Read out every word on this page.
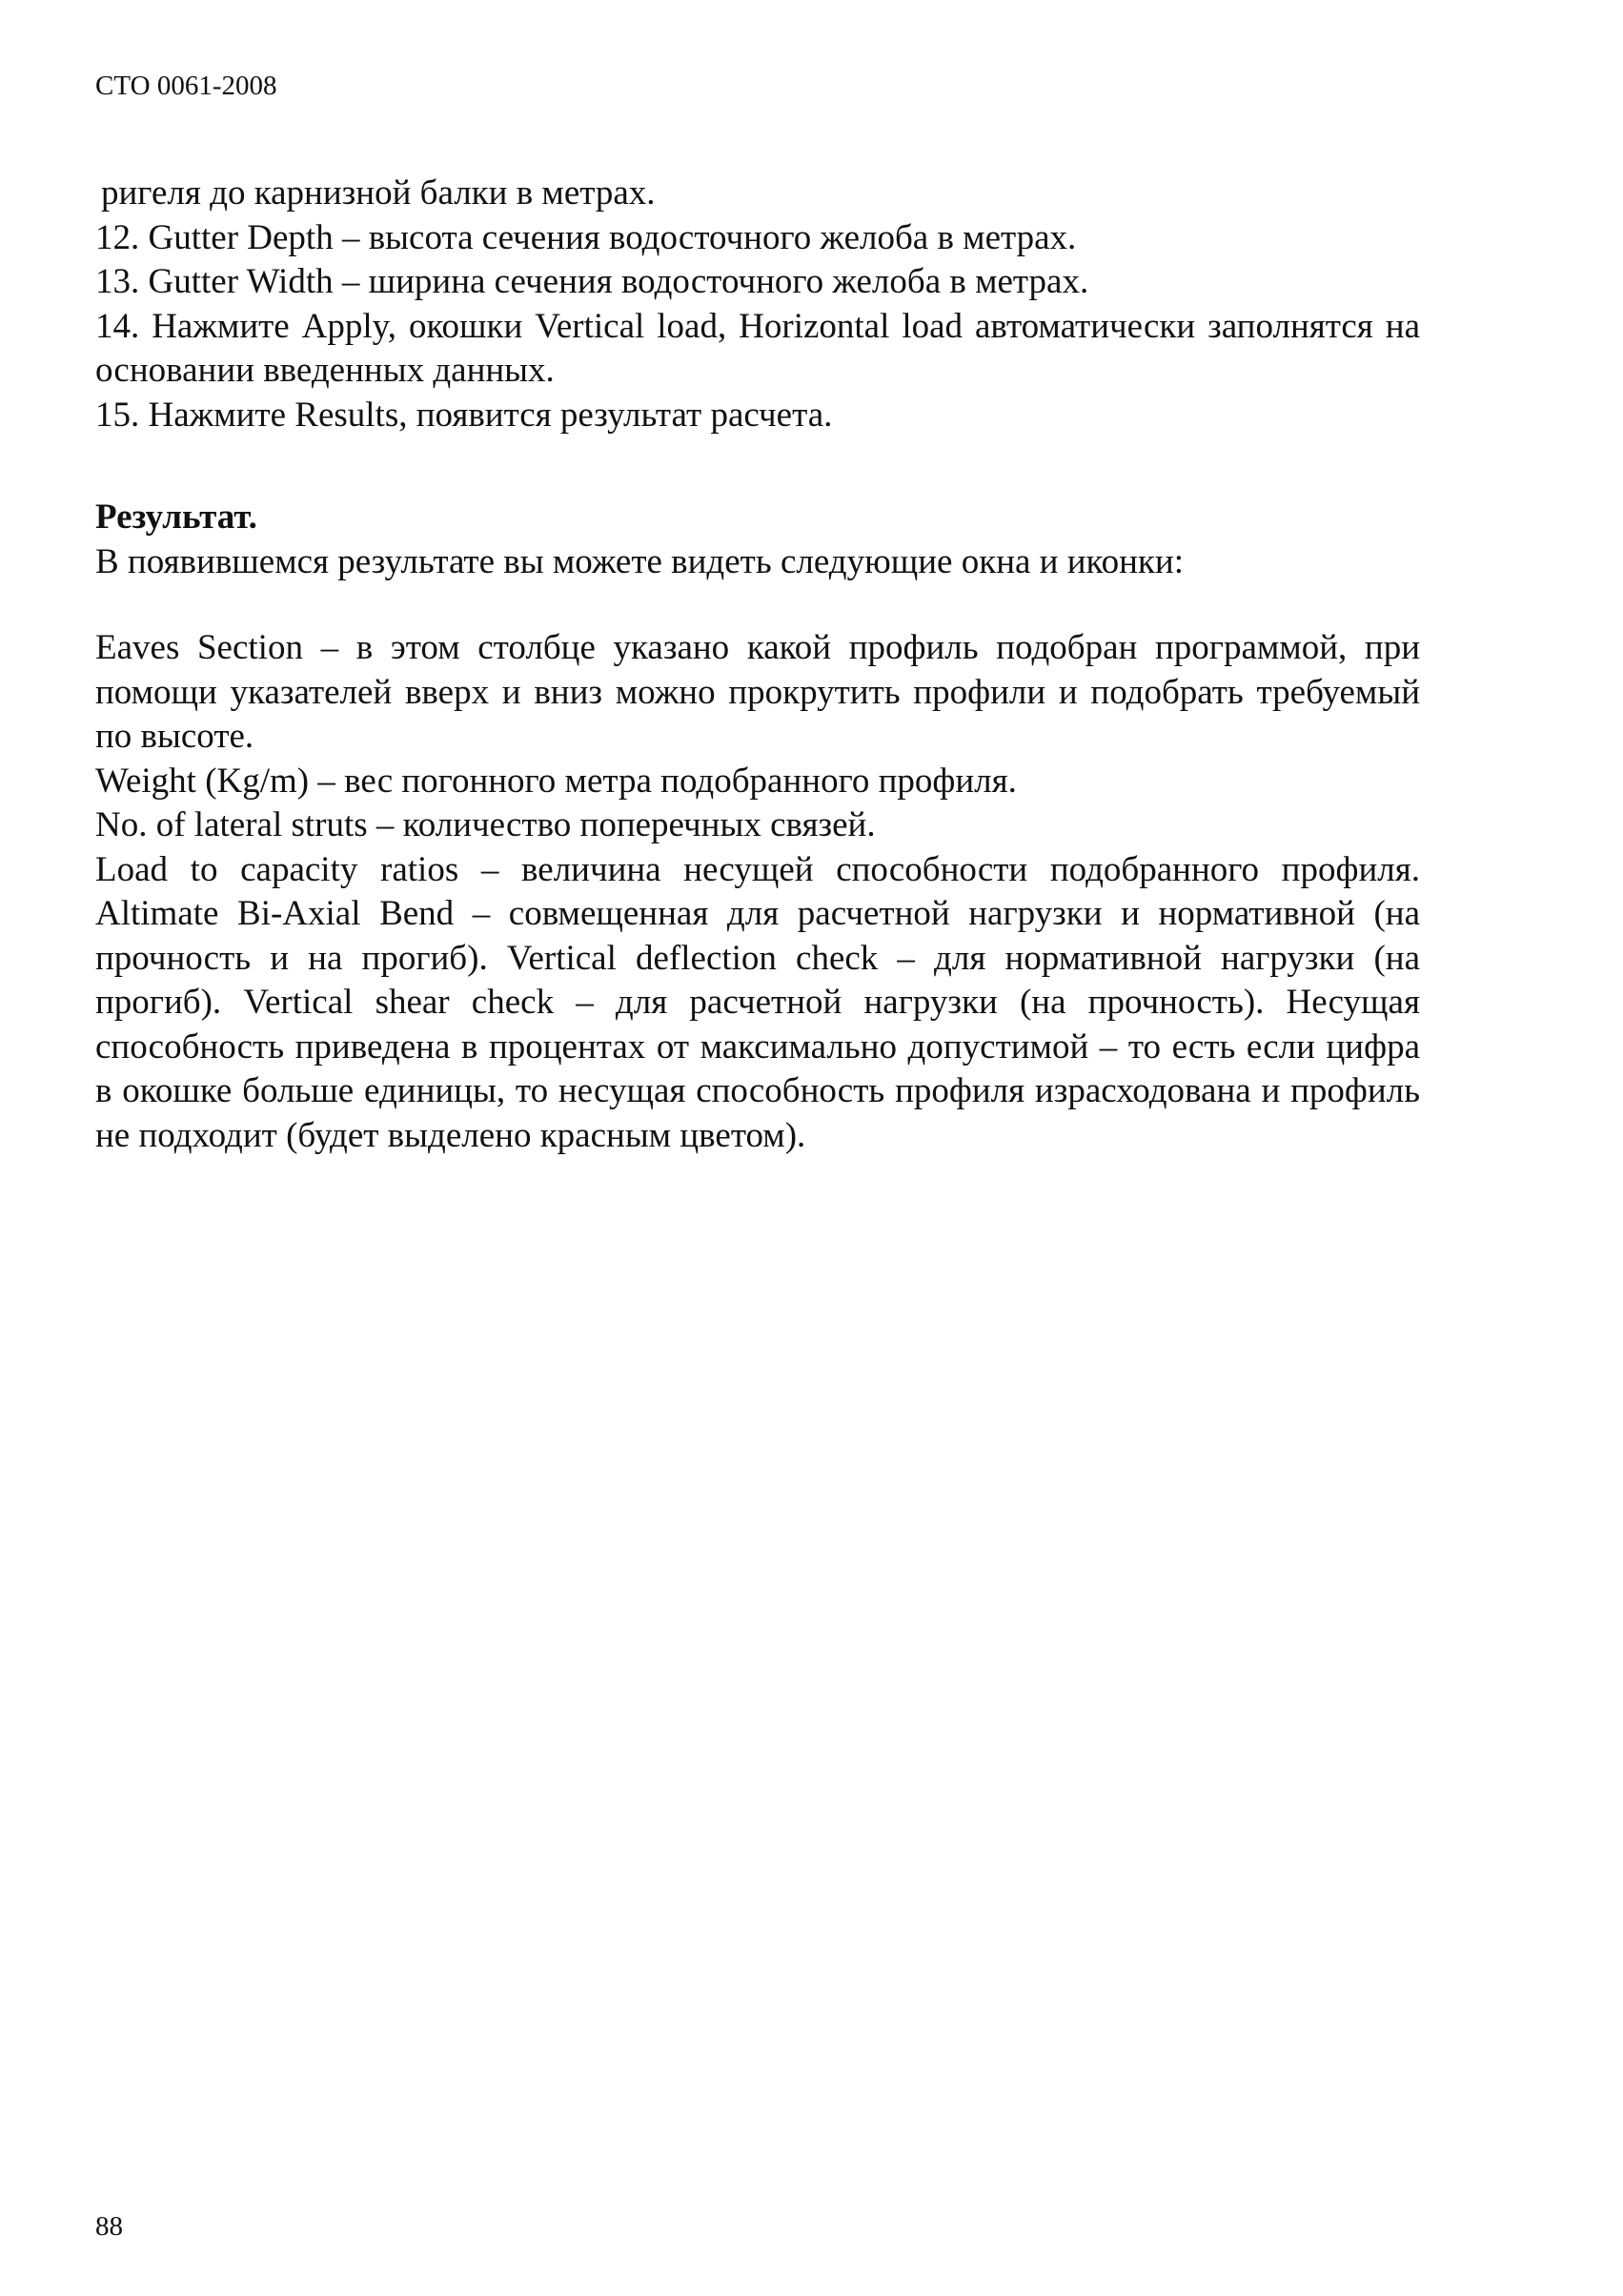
СТО 0061-2008

ригеля до карнизной балки в метрах.

12. Gutter Depth – высота сечения водосточного желоба в метрах.

13. Gutter Width – ширина сечения водосточного желоба в метрах.

14. Нажмите Apply, окошки Vertical load, Horizontal load автоматически заполнятся на основании введенных данных.

15. Нажмите Results, появится результат расчета.

Результат.

В появившемся результате вы можете видеть следующие окна и иконки:

Eaves Section – в этом столбце указано какой профиль подобран программой, при помощи указателей вверх и вниз можно прокрутить профили и подобрать требуемый по высоте.

Weight (Kg/m) – вес погонного метра подобранного профиля.

No. of lateral struts – количество поперечных связей.

Load to capacity ratios – величина несущей способности подобранного профиля. Altimate Bi-Axial Bend – совмещенная для расчетной нагрузки и нормативной (на прочность и на прогиб). Vertical deflection check – для нормативной нагрузки (на прогиб). Vertical shear check – для расчетной нагрузки (на прочность). Несущая способность приведена в процентах от максимально допустимой – то есть если цифра в окошке больше единицы, то несущая способность профиля израсходована и профиль не подходит (будет выделено красным цветом).

88
